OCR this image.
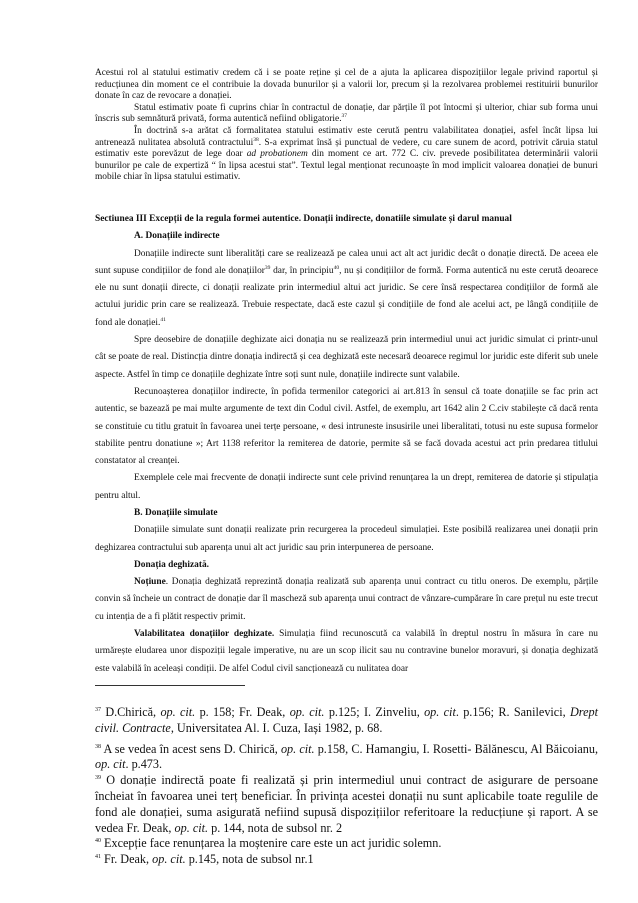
Acestui rol al statului estimativ credem că i se poate reține și cel de a ajuta la aplicarea dispozițiilor legale privind raportul și reducțiunea din moment ce el contribuie la dovada bunurilor și a valorii lor, precum și la rezolvarea problemei restituirii bunurilor donate în caz de revocare a donației.

Statul estimativ poate fi cuprins chiar în contractul de donație, dar părțile îl pot întocmi și ulterior, chiar sub forma unui înscris sub semnătură privată, forma autentică nefiind obligatorie.$^{37}$

În doctrină s-a arătat că formalitatea statului estimativ este cerută pentru valabilitatea donației, asfel încât lipsa lui antrenează nulitatea absolută contractului$^{38}$. S-a exprimat însă și punctual de vedere, cu care sunem de acord, potrivit căruia statul estimativ este porevăzut de lege doar ad probationem din moment ce art. 772 C. civ. prevede posibilitatea determinării valorii bunurilor pe cale de expertiză “ în lipsa acestui stat”. Textul legal menționat recunoaște în mod implicit valoarea donației de bunuri mobile chiar în lipsa statului estimativ.

Sectiunea III Excepții de la regula formei autentice. Donații indirecte, donatiile simulate și darul manual

A. Donațiile indirecte

Donațiile indirecte sunt liberalități care se realizează pe calea unui act alt act juridic decât o donație directă. De aceea ele sunt supuse condițiilor de fond ale donațiilor$^{39}$ dar, în principiu$^{40}$, nu și condițiilor de formă. Forma autentică nu este cerută deoarece ele nu sunt donații directe, ci donații realizate prin intermediul altui act juridic. Se cere însă respectarea condițiilor de formă ale actului juridic prin care se realizează. Trebuie respectate, dacă este cazul și condițiile de fond ale acelui act, pe lângă condițiile de fond ale donației.$^{41}$

Spre deosebire de donațiile deghizate aici donația nu se realizează prin intermediul unui act juridic simulat ci printr-unul cât se poate de real. Distincția dintre donația indirectă și cea deghizată este necesară deoarece regimul lor juridic este diferit sub unele aspecte. Astfel în timp ce donațiile deghizate între soți sunt nule, donațiile indirecte sunt valabile.

Recunoașterea donațiilor indirecte, în pofida termenilor categorici ai art.813 în sensul că toate donațiile se fac prin act autentic, se bazează pe mai multe argumente de text din Codul civil. Astfel, de exemplu, art 1642 alin 2 C.civ stabilește că dacă renta se constituie cu titlu gratuit în favoarea unei terțe persoane, « desi intruneste insusirile unei liberalitati, totusi nu este supusa formelor stabilite pentru donatiune »; Art 1138 referitor la remiterea de datorie, permite să se facă dovada acestui act prin predarea titlului constatator al creanței.

Exemplele cele mai frecvente de donații indirecte sunt cele privind renunțarea la un drept, remiterea de datorie și stipulația pentru altul.

B. Donațiile simulate

Donațiile simulate sunt donații realizate prin recurgerea la procedeul simulației. Este posibilă realizarea unei donații prin deghizarea contractului sub aparența unui alt act juridic sau prin interpunerea de persoane.

Donația deghizată.

Noțiune. Donația deghizată reprezintă donația realizată sub aparența unui contract cu titlu oneros. De exemplu, părțile convin să încheie un contract de donație dar îl mascheză sub aparența unui contract de vânzare-cumpărare în care prețul nu este trecut cu intenția de a fi plătit respectiv primit.

Valabilitatea donațiilor deghizate. Simulația fiind recunoscută ca valabilă în dreptul nostru în măsura în care nu urmărește eludarea unor dispoziții legale imperative, nu are un scop ilicit sau nu contravine bunelor moravuri, și donația deghizată este valabilă în aceleași condiții. De alfel Codul civil sancționează cu nulitatea doar

$^{37}$ D.Chirică, op. cit. p. 158; Fr. Deak, op. cit. p.125; I. Zinveliu, op. cit. p.156; R. Sanilevici, Drept civil. Contracte, Universitatea Al. I. Cuza, Iași 1982, p. 68.

$^{38}$ A se vedea în acest sens D. Chirică, op. cit. p.158, C. Hamangiu, I. Rosetti- Bălănescu, Al Băicoianu, op. cit. p.473.

$^{39}$ O donație indirectă poate fi realizată și prin intermediul unui contract de asigurare de persoane încheiat în favoarea unei terț beneficiar. În privința acestei donații nu sunt aplicabile toate regulile de fond ale donației, suma asigurată nefiind supusă dispozițiilor referitoare la reducțiune și raport. A se vedea Fr. Deak, op. cit. p. 144, nota de subsol nr. 2

$^{40}$ Excepție face renunțarea la moștenire care este un act juridic solemn.

$^{41}$ Fr. Deak, op. cit. p.145, nota de subsol nr.1
